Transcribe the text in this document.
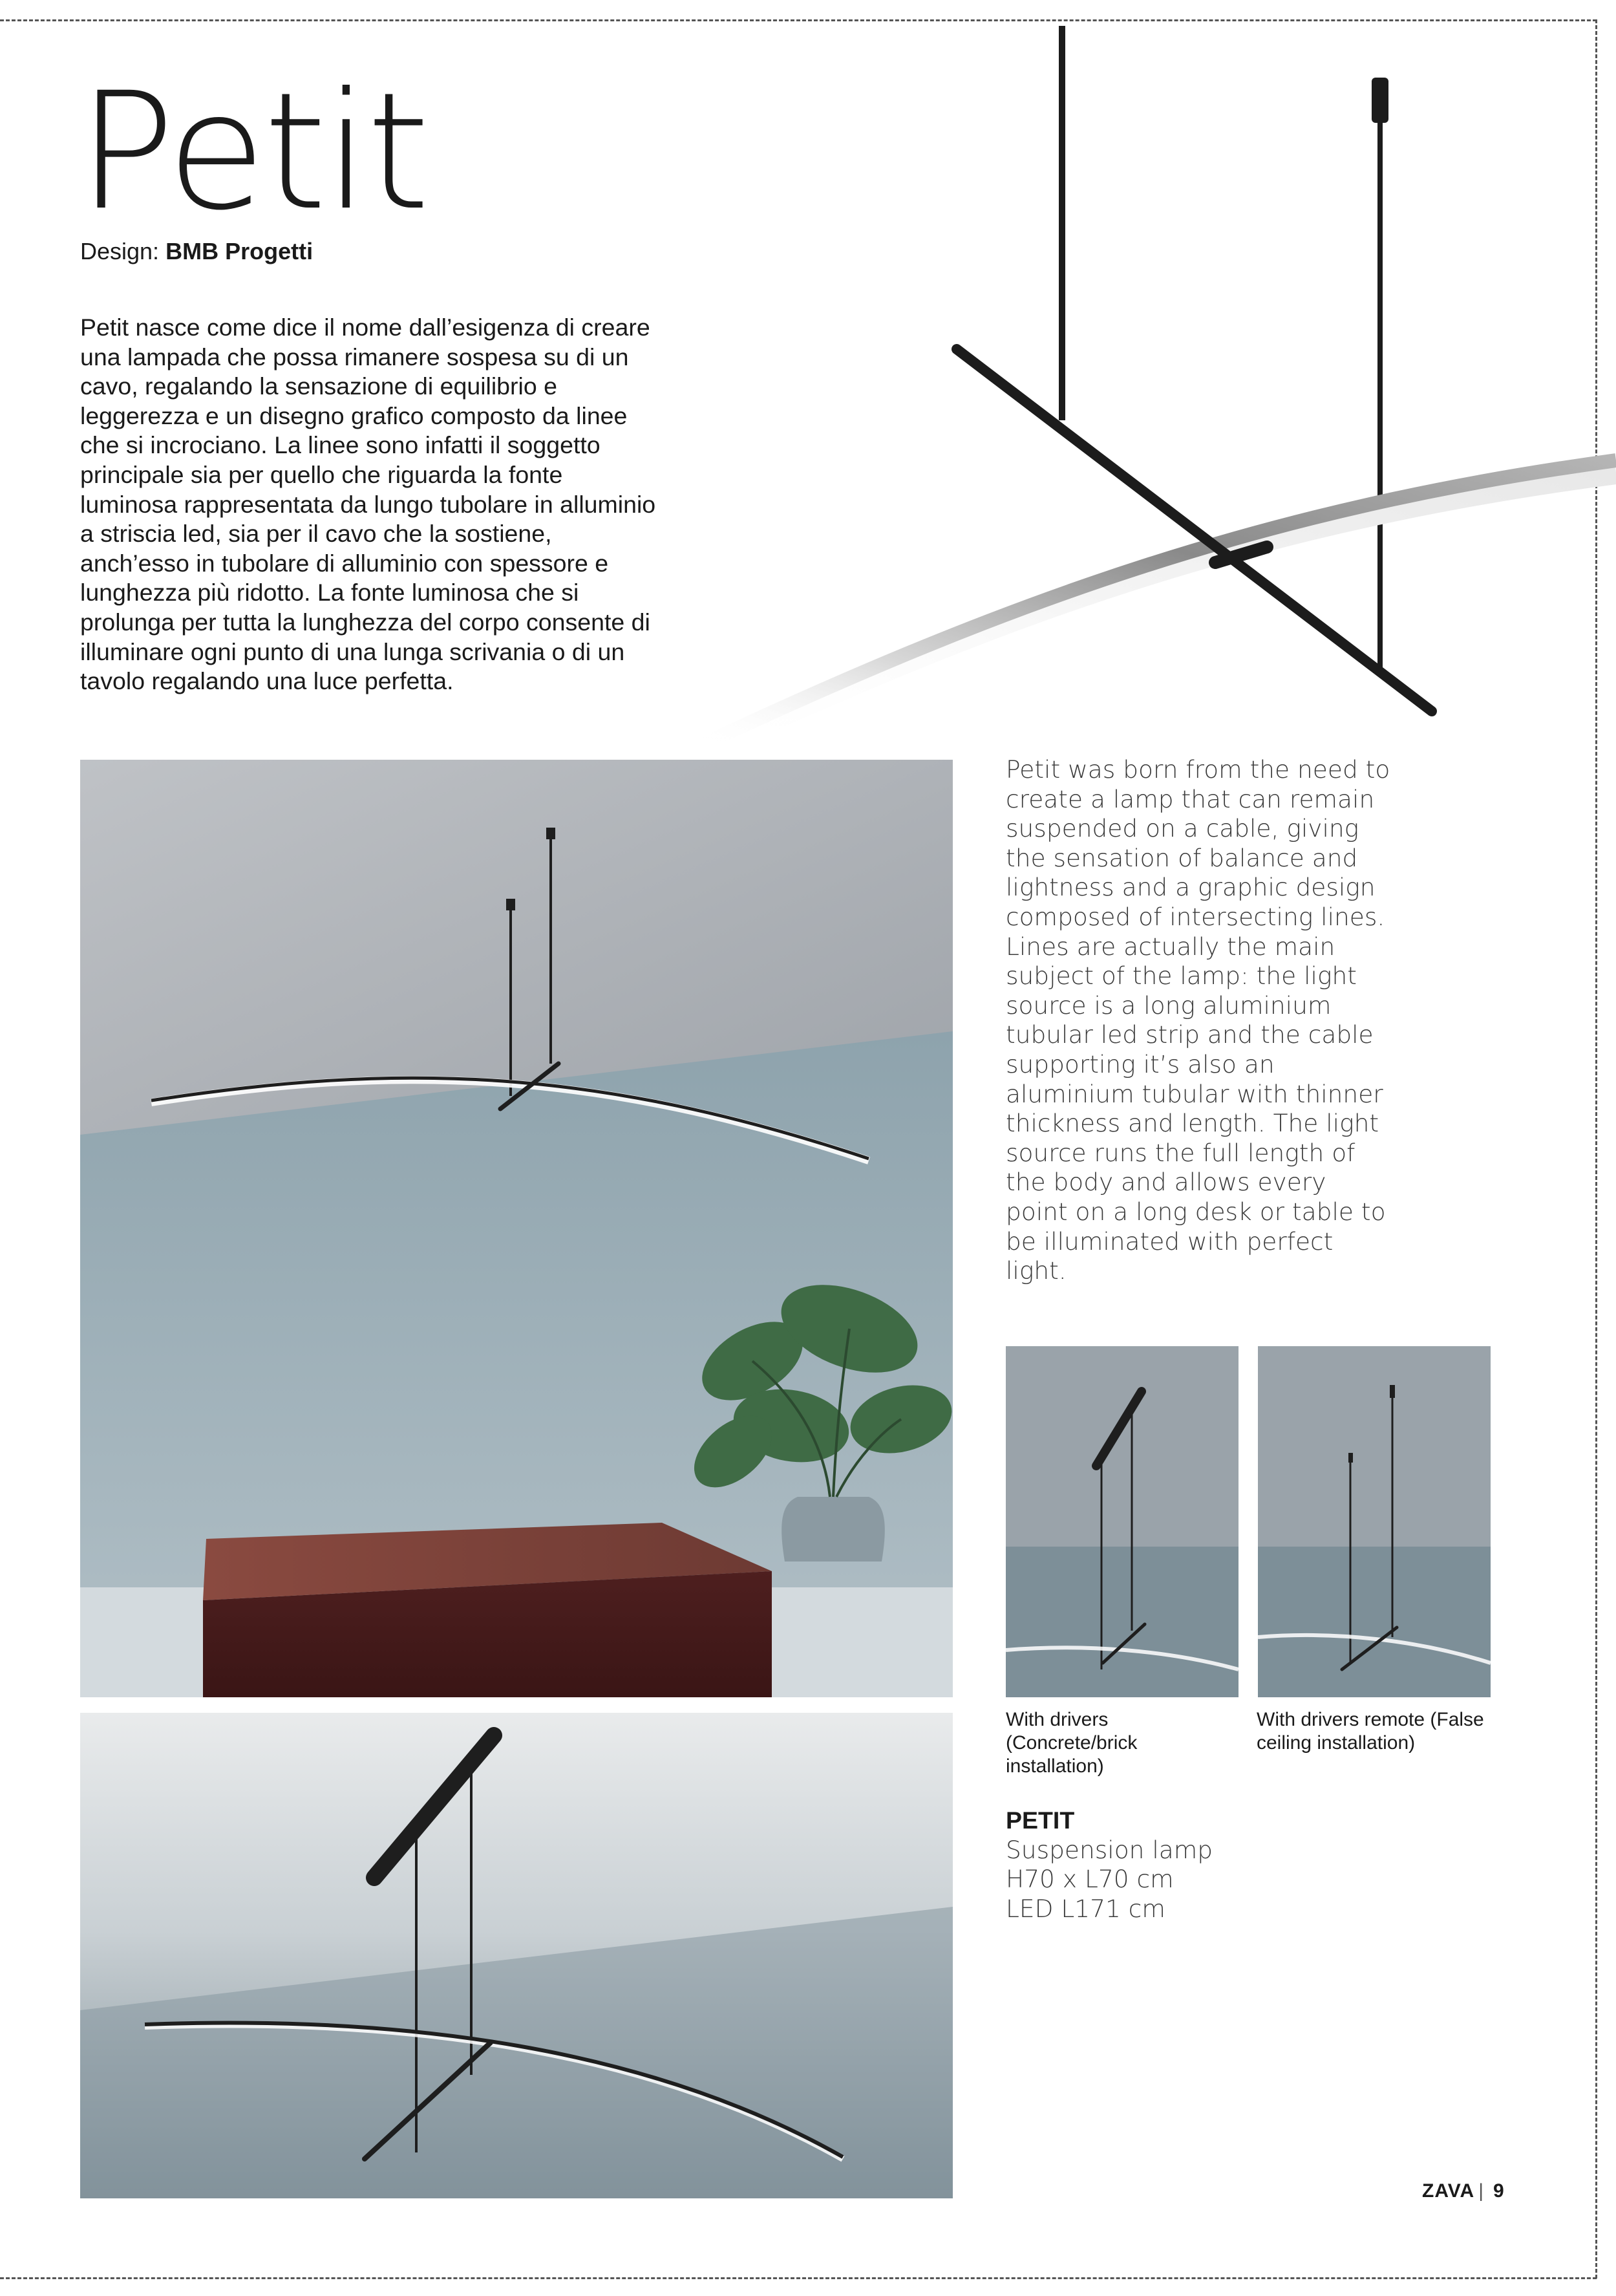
Petit
Design: BMB Progetti

Petit nasce come dice il nome dall’esigenza di creare una lampada che possa rimanere sospesa su di un cavo, regalando la sensazione di equilibrio e leggerezza e un disegno grafico composto da linee che si incrociano. La linee sono infatti il soggetto principale sia per quello che riguarda la fonte luminosa rappresentata da lungo tubolare in alluminio a striscia led, sia per il cavo che la sostiene, anch’esso in tubolare di alluminio con spessore e lunghezza più ridotto. La fonte luminosa che si prolunga per tutta la lunghezza del corpo consente di illuminare ogni punto di una lunga scrivania o di un tavolo regalando una luce perfetta.

Petit was born from the need to create a lamp that can remain suspended on a cable, giving the sensation of balance and lightness and a graphic design composed of intersecting lines. Lines are actually the main subject of the lamp: the light source is a long aluminium tubular led strip and the cable supporting it’s also an aluminium tubular with thinner thickness and length. The light source runs the full length of the body and allows every point on a long desk or table to be illuminated with perfect light.

With drivers (Concrete/brick installation)

With drivers remote (False ceiling installation)

PETIT

Suspension lamp

H70 x L70 cm

LED L171 cm

ZAVA | 9
